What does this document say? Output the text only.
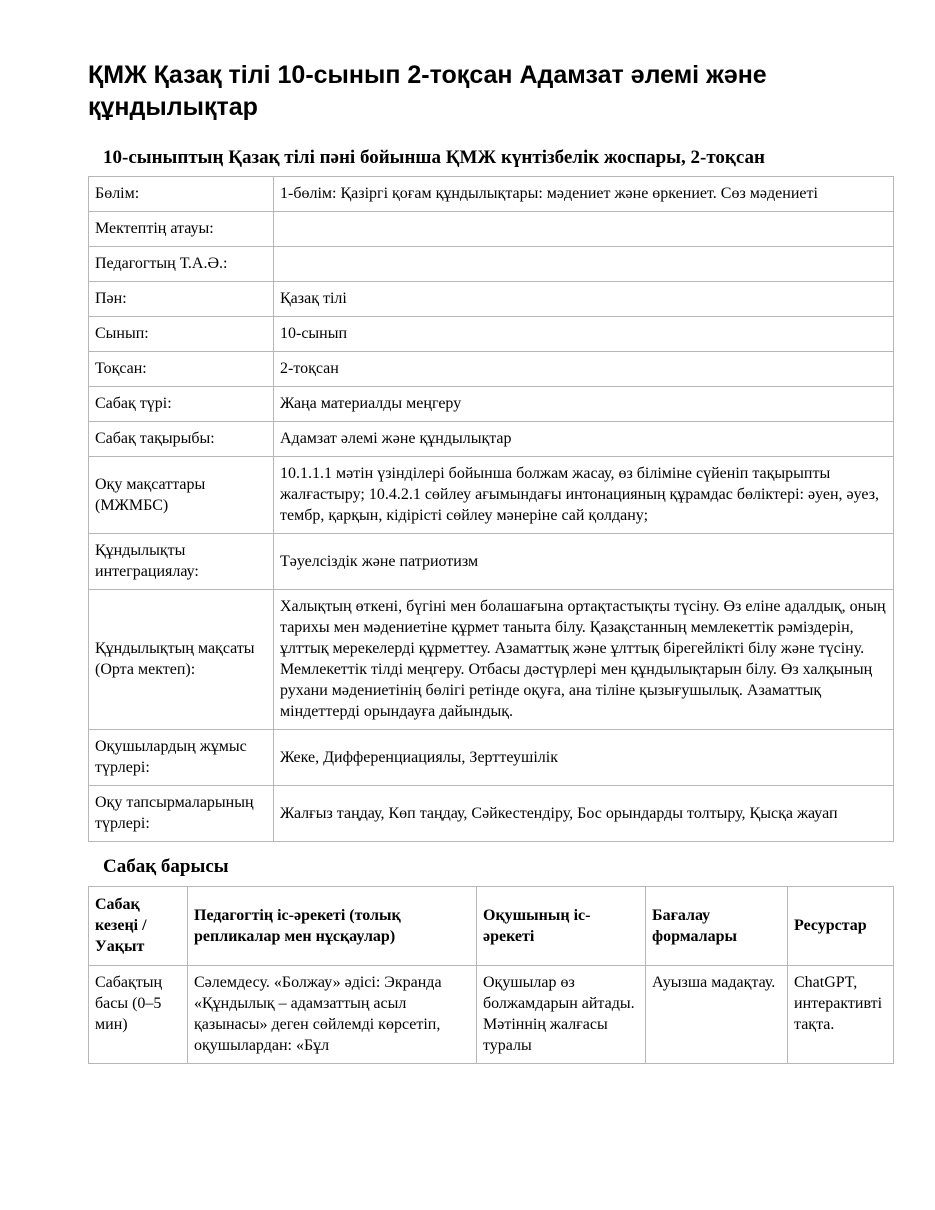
ҚМЖ Қазақ тілі 10-сынып 2-тоқсан Адамзат әлемі және құндылықтар
10-сыныптың Қазақ тілі пәні бойынша ҚМЖ күнтізбелік жоспары, 2-тоқсан
Бөлім:	1-бөлім: Қазіргі қоғам құндылықтары: мәдениет және өркениет. Сөз мәдениеті
Мектептің атауы:	
Педагогтың Т.А.Ә.:	
Пән:	Қазақ тілі
Сынып:	10-сынып
Тоқсан:	2-тоқсан
Сабақ түрі:	Жаңа материалды меңгеру
Сабақ тақырыбы:	Адамзат әлемі және құндылықтар
Оқу мақсаттары (МЖМБС)	10.1.1.1 мәтін үзінділері бойынша болжам жасау, өз біліміне сүйеніп тақырыпты жалғастыру; 10.4.2.1 сөйлеу ағымындағы интонацияның құрамдас бөліктері: әуен, әуез, тембр, қарқын, кідірісті сөйлеу мәнеріне сай қолдану;
Құндылықты интеграциялау:	Тәуелсіздік және патриотизм
Құндылықтың мақсаты (Орта мектеп):	Халықтың өткені, бүгіні мен болашағына ортақтастықты түсіну. Өз еліне адалдық, оның тарихы мен мәдениетіне құрмет таныта білу. Қазақстанның мемлекеттік рәміздерін, ұлттық мерекелерді құрметтеу. Азаматтық және ұлттық бірегейлікті білу және түсіну. Мемлекеттік тілді меңгеру. Отбасы дәстүрлері мен құндылықтарын білу. Өз халқының рухани мәдениетінің бөлігі ретінде оқуға, ана тіліне қызығушылық. Азаматтық міндеттерді орындауға дайындық.
Оқушылардың жұмыс түрлері:	Жеке, Дифференциациялы, Зерттеушілік
Оқу тапсырмаларының түрлері:	Жалғыз таңдау, Көп таңдау, Сәйкестендіру, Бос орындарды толтыру, Қысқа жауап
Сабақ барысы
Сабақ кезеңі / Уақыт	Педагогтің іс-әрекеті (толық репликалар мен нұсқаулар)	Оқушының іс-әрекеті	Бағалау формалары	Ресурстар
Сабақтың басы (0–5 мин)	Сәлемдесу. «Болжау» әдісі: Экранда «Құндылық – адамзаттың асыл қазынасы» деген сөйлемді көрсетіп, оқушылардан: «Бұл	Оқушылар өз болжамдарын айтады. Мәтіннің жалғасы туралы	Ауызша мадақтау.	ChatGPT, интерактивті тақта.
